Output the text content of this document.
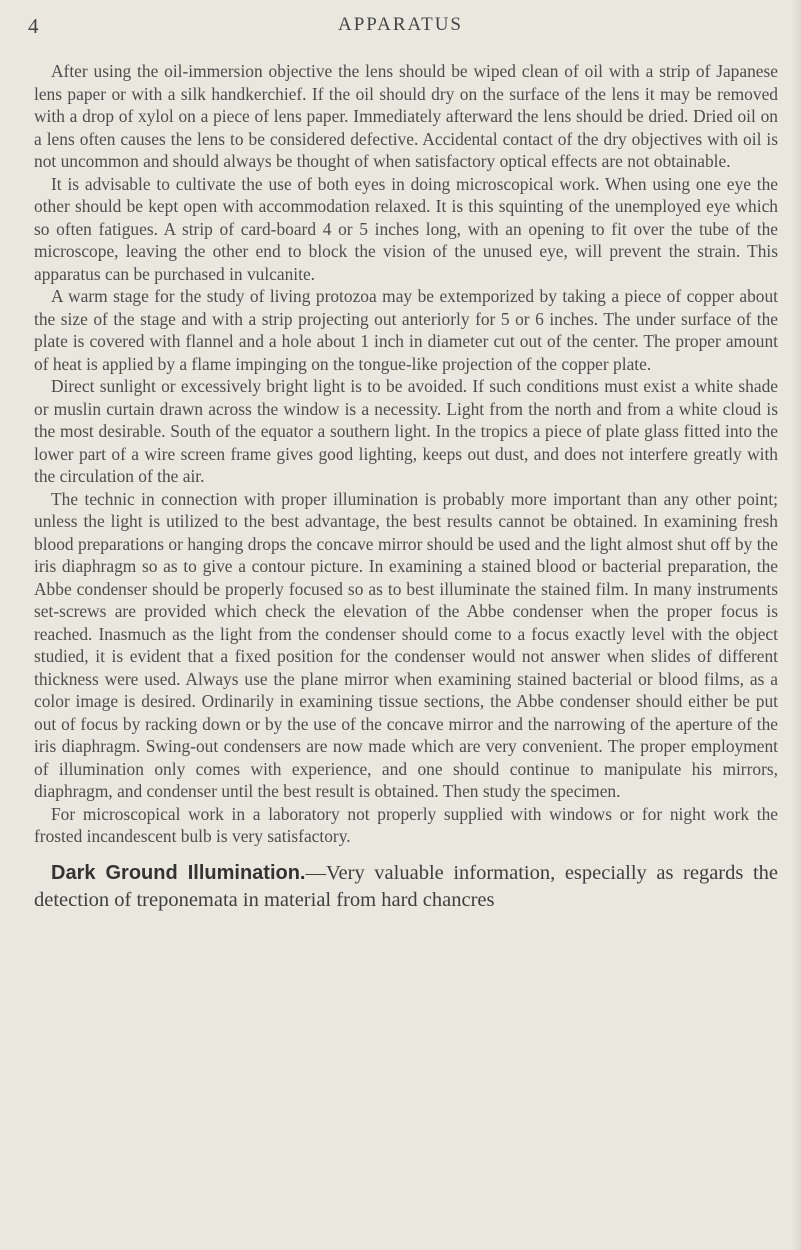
4	APPARATUS

After using the oil-immersion objective the lens should be wiped clean of oil with a strip of Japanese lens paper or with a silk handkerchief. If the oil should dry on the surface of the lens it may be removed with a drop of xylol on a piece of lens paper. Immediately afterward the lens should be dried. Dried oil on a lens often causes the lens to be considered defective. Accidental contact of the dry objectives with oil is not uncommon and should always be thought of when satisfactory optical effects are not obtainable.

It is advisable to cultivate the use of both eyes in doing microscopical work. When using one eye the other should be kept open with accommodation relaxed. It is this squinting of the unemployed eye which so often fatigues. A strip of card-board 4 or 5 inches long, with an opening to fit over the tube of the microscope, leaving the other end to block the vision of the unused eye, will prevent the strain. This apparatus can be purchased in vulcanite.

A warm stage for the study of living protozoa may be extemporized by taking a piece of copper about the size of the stage and with a strip projecting out anteriorly for 5 or 6 inches. The under surface of the plate is covered with flannel and a hole about 1 inch in diameter cut out of the center. The proper amount of heat is applied by a flame impinging on the tongue-like projection of the copper plate.

Direct sunlight or excessively bright light is to be avoided. If such conditions must exist a white shade or muslin curtain drawn across the window is a necessity. Light from the north and from a white cloud is the most desirable. South of the equator a southern light. In the tropics a piece of plate glass fitted into the lower part of a wire screen frame gives good lighting, keeps out dust, and does not interfere greatly with the circulation of the air.

The technic in connection with proper illumination is probably more important than any other point; unless the light is utilized to the best advantage, the best results cannot be obtained. In examining fresh blood preparations or hanging drops the concave mirror should be used and the light almost shut off by the iris diaphragm so as to give a contour picture. In examining a stained blood or bacterial preparation, the Abbe condenser should be properly focused so as to best illuminate the stained film. In many instruments set-screws are provided which check the elevation of the Abbe condenser when the proper focus is reached. Inasmuch as the light from the condenser should come to a focus exactly level with the object studied, it is evident that a fixed position for the condenser would not answer when slides of different thickness were used. Always use the plane mirror when examining stained bacterial or blood films, as a color image is desired. Ordinarily in examining tissue sections, the Abbe condenser should either be put out of focus by racking down or by the use of the concave mirror and the narrowing of the aperture of the iris diaphragm. Swing-out condensers are now made which are very convenient. The proper employment of illumination only comes with experience, and one should continue to manipulate his mirrors, diaphragm, and condenser until the best result is obtained. Then study the specimen.

For microscopical work in a laboratory not properly supplied with windows or for night work the frosted incandescent bulb is very satisfactory.

Dark Ground Illumination.—Very valuable information, especially as regards the detection of treponemata in material from hard chancres
